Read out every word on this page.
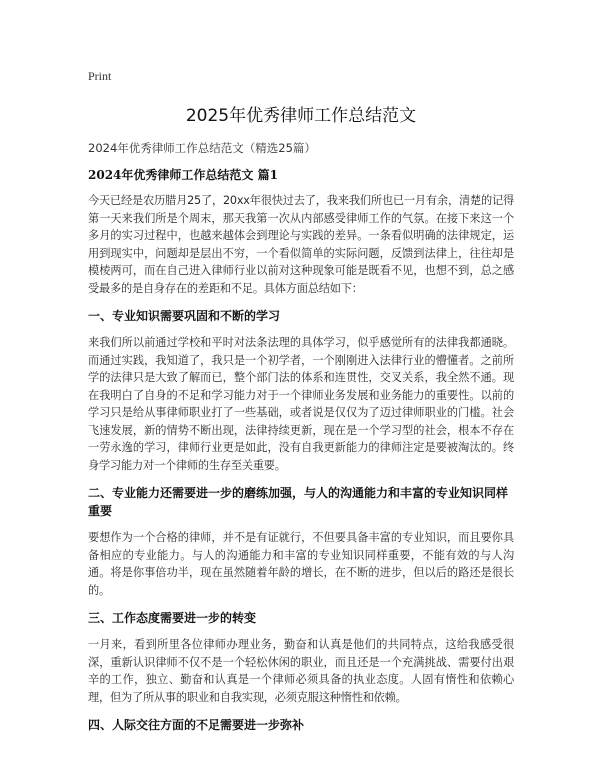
Print
2025年优秀律师工作总结范文
2024年优秀律师工作总结范文（精选25篇）
2024年优秀律师工作总结范文 篇1

今天已经是农历腊月25了，20xx年很快过去了，我来我们所也已一月有余，清楚的记得第一天来我们所是个周末，那天我第一次从内部感受律师工作的气氛。在接下来这一个多月的实习过程中，也越来越体会到理论与实践的差异。一条看似明确的法律规定，运用到现实中，问题却是层出不穷，一个看似简单的实际问题，反馈到法律上，往往却是模棱两可，而在自己进入律师行业以前对这种现象可能是既看不见，也想不到，总之感受最多的是自身存在的差距和不足。具体方面总结如下：

一、专业知识需要巩固和不断的学习

来我们所以前通过学校和平时对法条法理的具体学习，似乎感觉所有的法律我都通晓。而通过实践，我知道了，我只是一个初学者，一个刚刚进入法律行业的懵懂者。之前所学的法律只是大致了解而已，整个部门法的体系和连贯性，交叉关系，我全然不通。现在我明白了自身的不足和学习能力对于一个律师业务发展和业务能力的重要性。以前的学习只是给从事律师职业打了一些基础，或者说是仅仅为了迈过律师职业的门槛。社会飞速发展，新的情势不断出现，法律持续更新，现在是一个学习型的社会，根本不存在一劳永逸的学习，律师行业更是如此，没有自我更新能力的律师注定是要被淘汰的。终身学习能力对一个律师的生存至关重要。

二、专业能力还需要进一步的磨练加强，与人的沟通能力和丰富的专业知识同样重要

要想作为一个合格的律师，并不是有证就行，不但要具备丰富的专业知识，而且要你具备相应的专业能力。与人的沟通能力和丰富的专业知识同样重要，不能有效的与人沟通。将是你事倍功半，现在虽然随着年龄的增长，在不断的进步，但以后的路还是很长的。

三、工作态度需要进一步的转变

一月来，看到所里各位律师办理业务，勤奋和认真是他们的共同特点，这给我感受很深，重新认识律师不仅不是一个轻松休闲的职业，而且还是一个充满挑战、需要付出艰辛的工作，独立、勤奋和认真是一个律师必须具备的执业态度。人固有惰性和依赖心理，但为了所从事的职业和自我实现，必须克服这种惰性和依赖。

四、人际交往方面的不足需要进一步弥补
